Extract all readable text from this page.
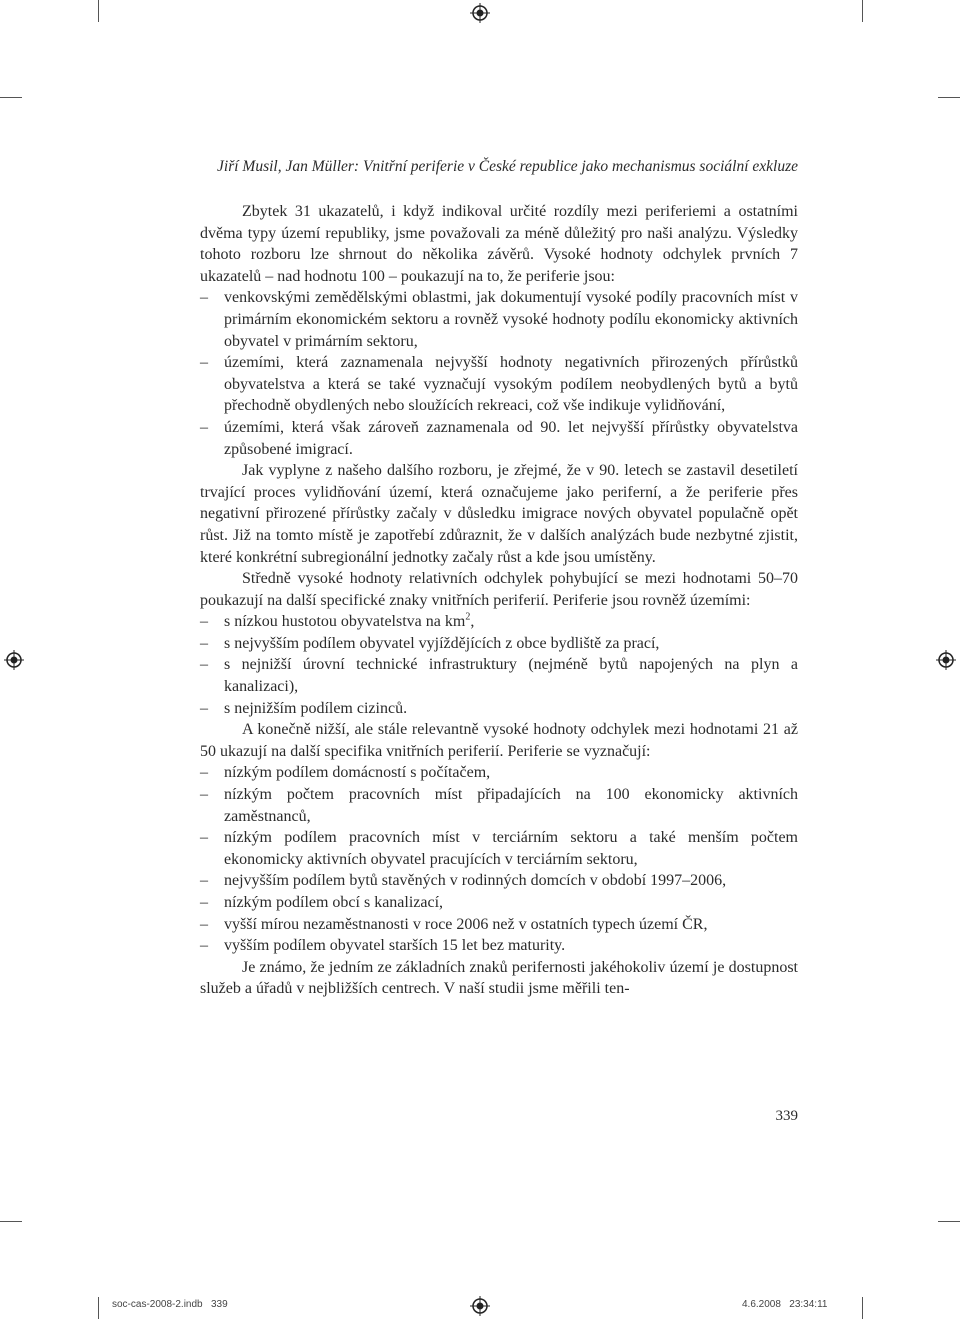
Jiří Musil, Jan Müller: Vnitřní periferie v České republice jako mechanismus sociální exkluze

Zbytek 31 ukazatelů, i když indikoval určité rozdíly mezi periferiemi a ostatními dvěma typy území republiky, jsme považovali za méně důležitý pro naši analýzu. Výsledky tohoto rozboru lze shrnout do několika závěrů. Vysoké hodnoty odchylek prvních 7 ukazatelů – nad hodnotu 100 – poukazují na to, že periferie jsou:

– venkovskými zemědělskými oblastmi, jak dokumentují vysoké podíly pracovních míst v primárním ekonomickém sektoru a rovněž vysoké hodnoty podílu ekonomicky aktivních obyvatel v primárním sektoru,
– územími, která zaznamenala nejvyšší hodnoty negativních přirozených přírůstků obyvatelstva a která se také vyznačují vysokým podílem neobydlených bytů a bytů přechodně obydlených nebo sloužících rekreaci, což vše indikuje vylidňování,
– územími, která však zároveň zaznamenala od 90. let nejvyšší přírůstky obyvatelstva způsobené imigrací.

Jak vyplyne z našeho dalšího rozboru, je zřejmé, že v 90. letech se zastavil desetiletí trvající proces vylidňování území, která označujeme jako periferní, a že periferie přes negativní přirozené přírůstky začaly v důsledku imigrace nových obyvatel populačně opět růst. Již na tomto místě je zapotřebí zdůraznit, že v dalších analýzách bude nezbytné zjistit, které konkrétní subregionální jednotky začaly růst a kde jsou umístěny.

Středně vysoké hodnoty relativních odchylek pohybující se mezi hodnotami 50–70 poukazují na další specifické znaky vnitřních periferií. Periferie jsou rovněž územími:

– s nízkou hustotou obyvatelstva na $km^2$,
– s nejvyšším podílem obyvatel vyjíždějících z obce bydliště za prací,
– s nejnižší úrovní technické infrastruktury (nejméně bytů napojených na plyn a kanalizaci),
– s nejnižším podílem cizinců.

A konečně nižší, ale stále relevantně vysoké hodnoty odchylek mezi hodnotami 21 až 50 ukazují na další specifika vnitřních periferií. Periferie se vyznačují:

– nízkým podílem domácností s počítačem,
– nízkým počtem pracovních míst připadajících na 100 ekonomicky aktivních zaměstnanců,
– nízkým podílem pracovních míst v terciárním sektoru a také menším počtem ekonomicky aktivních obyvatel pracujících v terciárním sektoru,
– nejvyšším podílem bytů stavěných v rodinných domcích v období 1997–2006,
– nízkým podílem obcí s kanalizací,
– vyšší mírou nezaměstnanosti v roce 2006 než v ostatních typech území ČR,
– vyšším podílem obyvatel starších 15 let bez maturity.

Je známo, že jedním ze základních znaků perifernosti jakéhokoliv území je dostupnost služeb a úřadů v nejbližších centrech. V naší studii jsme měřili ten-

339
soc-cas-2008-2.indb   339	4.6.2008   23:34:11
